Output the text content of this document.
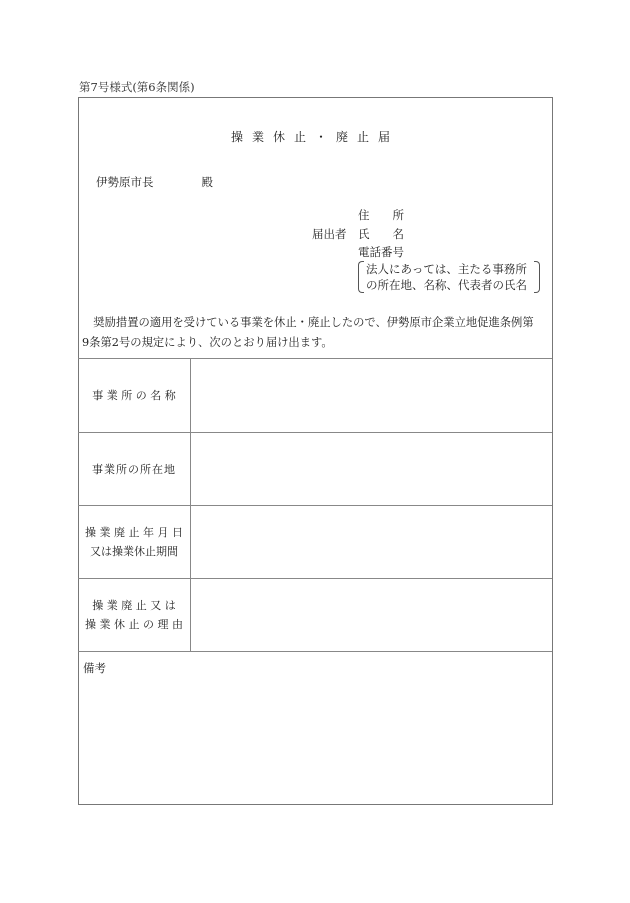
第7号様式(第6条関係)
操業休止・廃止届
伊勢原市長	殿
住　　所
届出者 氏　　名
電話番号
法人にあっては、主たる事務所
の所在地、名称、代表者の氏名
　奨励措置の適用を受けている事業を休止・廃止したので、伊勢原市企業立地促進条例第
9条第2号の規定により、次のとおり届け出ます。
事 業 所 の 名 称
事業所の所在地
操 業 廃 止 年 月 日
又は操業休止期間
操 業 廃 止 又 は
操 業 休 止 の 理 由
備考
